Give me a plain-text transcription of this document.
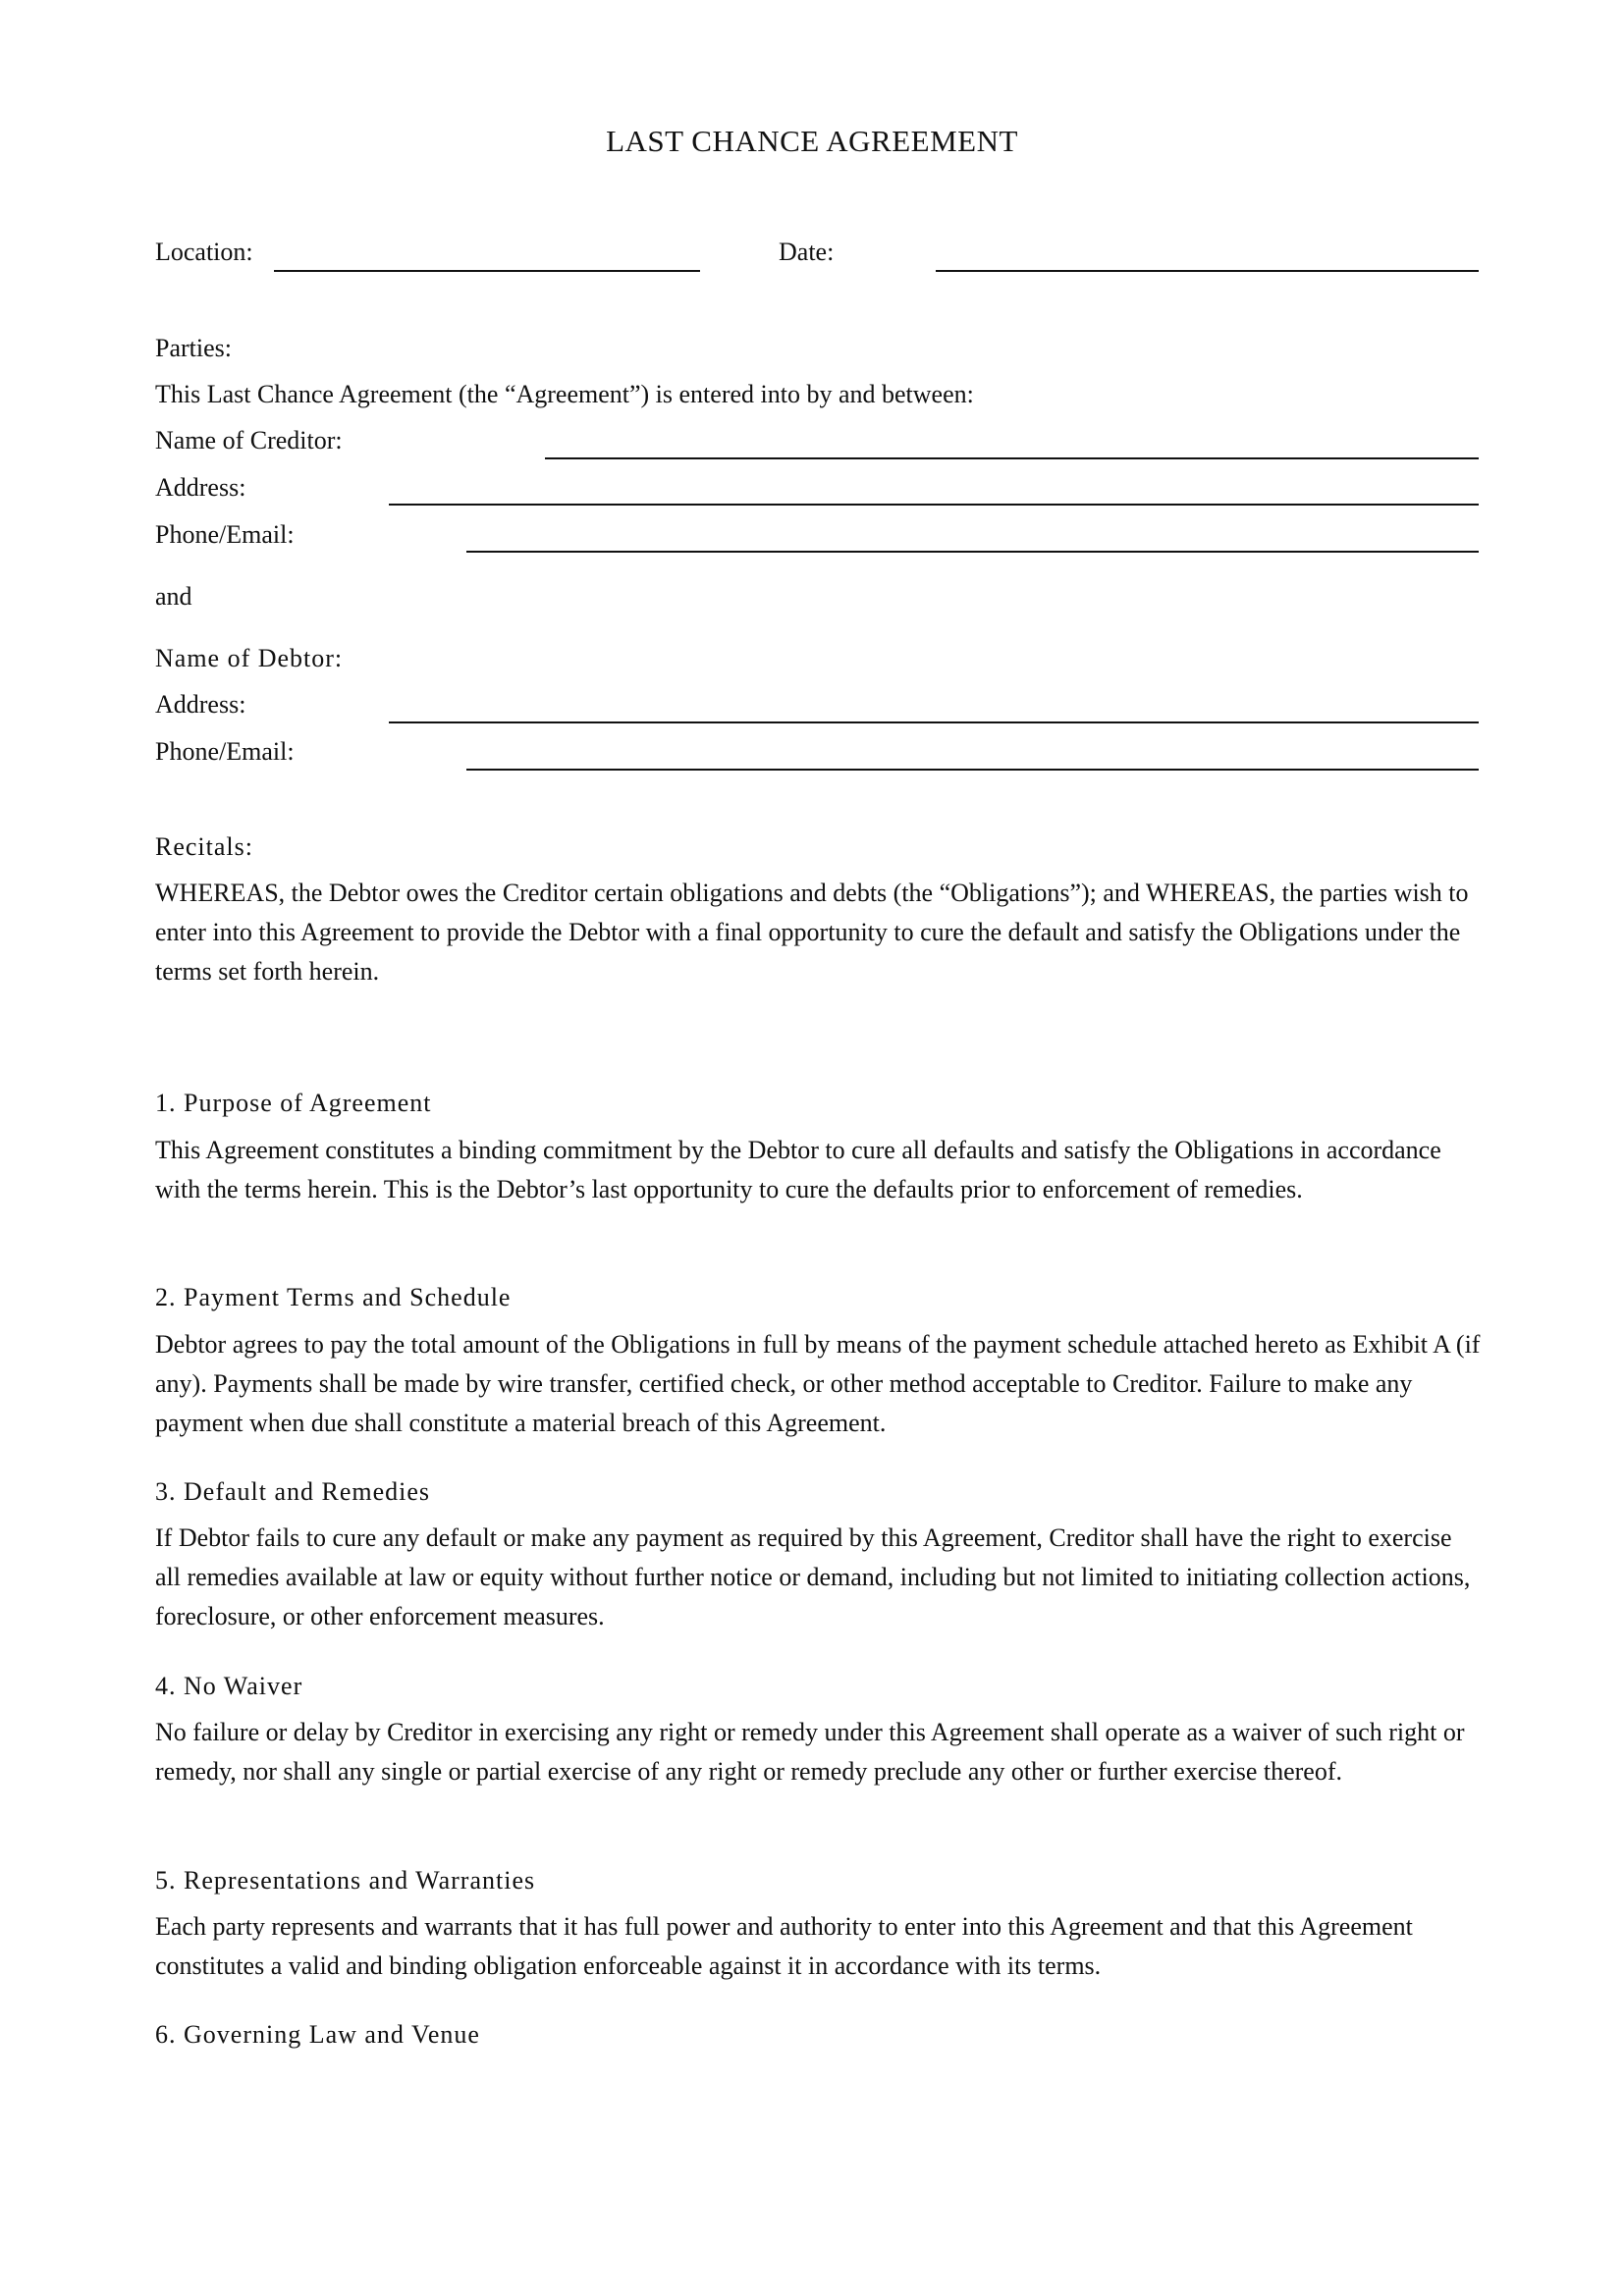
LAST CHANCE AGREEMENT
Location:	Date:
Parties:
This Last Chance Agreement (the “Agreement”) is entered into by and between:
Name of Creditor:
Address:
Phone/Email:
and
Name of Debtor:
Address:
Phone/Email:
Recitals:
WHEREAS, the Debtor owes the Creditor certain obligations and debts (the “Obligations”); and WHEREAS, the parties wish to enter into this Agreement to provide the Debtor with a final opportunity to cure the default and satisfy the Obligations under the terms set forth herein.
1. Purpose of Agreement
This Agreement constitutes a binding commitment by the Debtor to cure all defaults and satisfy the Obligations in accordance with the terms herein. This is the Debtor’s last opportunity to cure the defaults prior to enforcement of remedies.
2. Payment Terms and Schedule
Debtor agrees to pay the total amount of the Obligations in full by means of the payment schedule attached hereto as Exhibit A (if any). Payments shall be made by wire transfer, certified check, or other method acceptable to Creditor. Failure to make any payment when due shall constitute a material breach of this Agreement.
3. Default and Remedies
If Debtor fails to cure any default or make any payment as required by this Agreement, Creditor shall have the right to exercise all remedies available at law or equity without further notice or demand, including but not limited to initiating collection actions, foreclosure, or other enforcement measures.
4. No Waiver
No failure or delay by Creditor in exercising any right or remedy under this Agreement shall operate as a waiver of such right or remedy, nor shall any single or partial exercise of any right or remedy preclude any other or further exercise thereof.
5. Representations and Warranties
Each party represents and warrants that it has full power and authority to enter into this Agreement and that this Agreement constitutes a valid and binding obligation enforceable against it in accordance with its terms.
6. Governing Law and Venue
